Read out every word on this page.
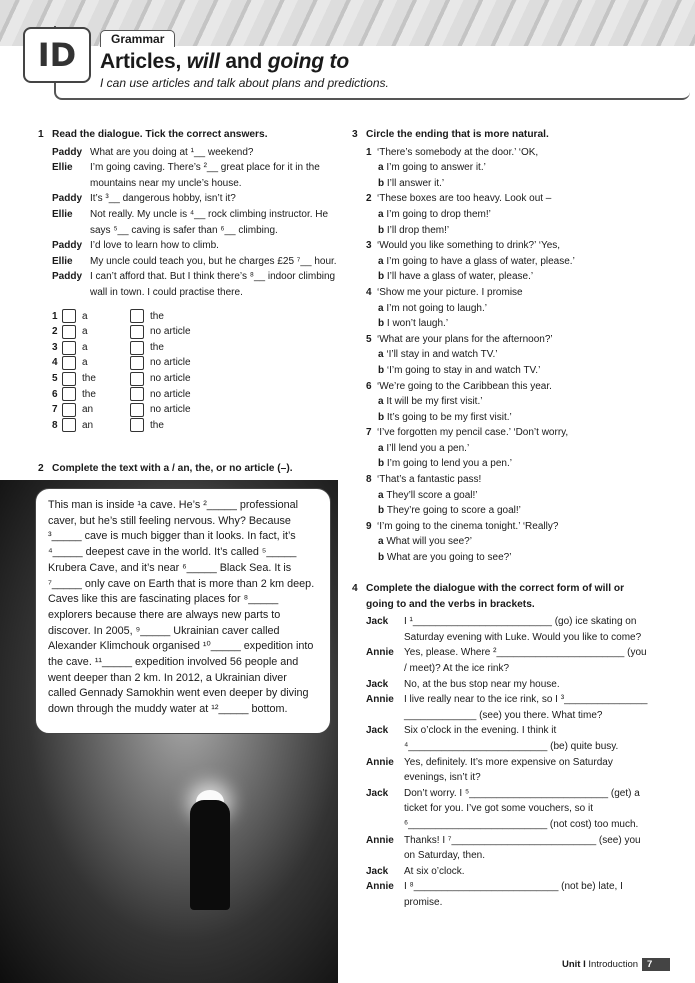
ID	Grammar
Articles, will and going to
I can use articles and talk about plans and predictions.
1 Read the dialogue. Tick the correct answers.
Paddy What are you doing at ¹__ weekend?
Ellie	I’m going caving. There’s ²__ great place for it in the mountains near my uncle’s house.
Paddy It’s ³__ dangerous hobby, isn’t it?
Ellie	Not really. My uncle is ⁴__ rock climbing instructor. He says ⁵__ caving is safer than ⁶__ climbing.
Paddy I’d love to learn how to climb.
Ellie	My uncle could teach you, but he charges £25 ⁷__ hour.
Paddy I can’t afford that. But I think there’s ⁸__ indoor climbing wall in town. I could practise there.
1	a	the
2	a	no article
3	a	the
4	a	no article
5	the	no article
6	the	no article
7	an	no article
8	an	the
2 Complete the text with a / an, the, or no article (–).
This man is inside ¹a cave. He’s ²_____ professional caver, but he’s still feeling nervous. Why? Because ³_____ cave is much bigger than it looks. In fact, it’s ⁴_____ deepest cave in the world. It’s called ⁵_____ Krubera Cave, and it’s near ⁶_____ Black Sea. It is ⁷_____ only cave on Earth that is more than 2 km deep. Caves like this are fascinating places for ⁸_____ explorers because there are always new parts to discover. In 2005, ⁹_____ Ukrainian caver called Alexander Klimchouk organised ¹⁰_____ expedition into the cave. ¹¹_____ expedition involved 56 people and went deeper than 2 km. In 2012, a Ukrainian diver called Gennady Samokhin went even deeper by diving down through the muddy water at ¹²_____ bottom.
3 Circle the ending that is more natural.
1 ‘There’s somebody at the door.’ ‘OK,
a I’m going to answer it.’
b I’ll answer it.’
2 ‘These boxes are too heavy. Look out –
a I’m going to drop them!’
b I’ll drop them!’
3 ‘Would you like something to drink?’ ‘Yes,
a I’m going to have a glass of water, please.’
b I’ll have a glass of water, please.’
4 ‘Show me your picture. I promise
a I’m not going to laugh.’
b I won’t laugh.’
5 ‘What are your plans for the afternoon?’
a ‘I’ll stay in and watch TV.’
b ‘I’m going to stay in and watch TV.’
6 ‘We’re going to the Caribbean this year.
a It will be my first visit.’
b It’s going to be my first visit.’
7 ‘I’ve forgotten my pencil case.’ ‘Don’t worry,
a I’ll lend you a pen.’
b I’m going to lend you a pen.’
8 ‘That’s a fantastic pass!
a They’ll score a goal!’
b They’re going to score a goal!’
9 ‘I’m going to the cinema tonight.’ ‘Really?
a What will you see?’
b What are you going to see?’
4 Complete the dialogue with the correct form of will or going to and the verbs in brackets.
Jack	I ¹_________________________ (go) ice skating on Saturday evening with Luke. Would you like to come?
Annie	Yes, please. Where ²_______________________ (you / meet)? At the ice rink?
Jack	No, at the bus stop near my house.
Annie	I live really near to the ice rink, so I ³_______________ _____________ (see) you there. What time?
Jack	Six o’clock in the evening. I think it ⁴_________________________ (be) quite busy.
Annie	Yes, definitely. It’s more expensive on Saturday evenings, isn’t it?
Jack	Don’t worry. I ⁵_________________________ (get) a ticket for you. I’ve got some vouchers, so it ⁶_________________________ (not cost) too much.
Annie	Thanks! I ⁷__________________________ (see) you on Saturday, then.
Jack	At six o’clock.
Annie	I ⁸__________________________ (not be) late, I promise.
Unit I Introduction 7
